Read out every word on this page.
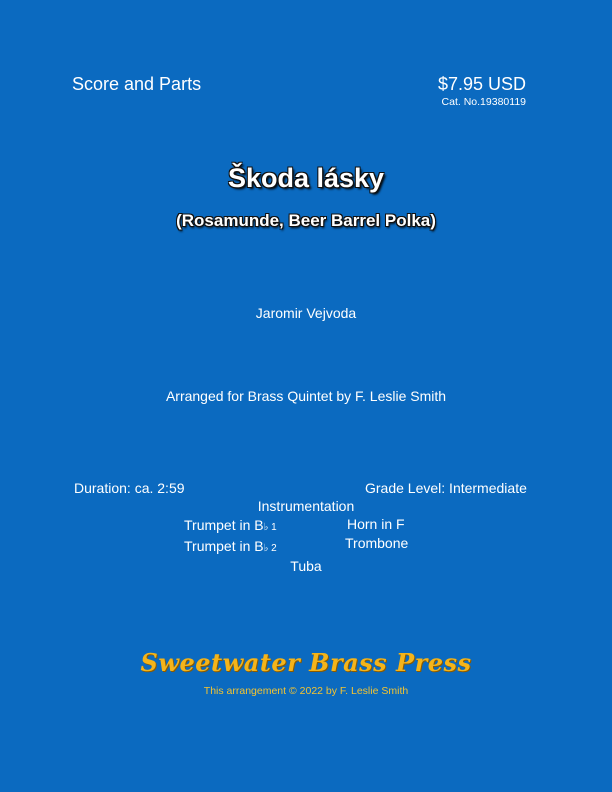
Score and Parts	$7.95 USD
Cat. No.19380119
Škoda lásky
(Rosamunde, Beer Barrel Polka)
Jaromir Vejvoda
Arranged for Brass Quintet by F. Leslie Smith
Duration: ca. 2:59	Grade Level: Intermediate
Instrumentation
Trumpet in B♭ 1
Trumpet in B♭ 2
Horn in F
Trombone
Tuba
Sweetwater Brass Press
This arrangement © 2022 by F. Leslie Smith
